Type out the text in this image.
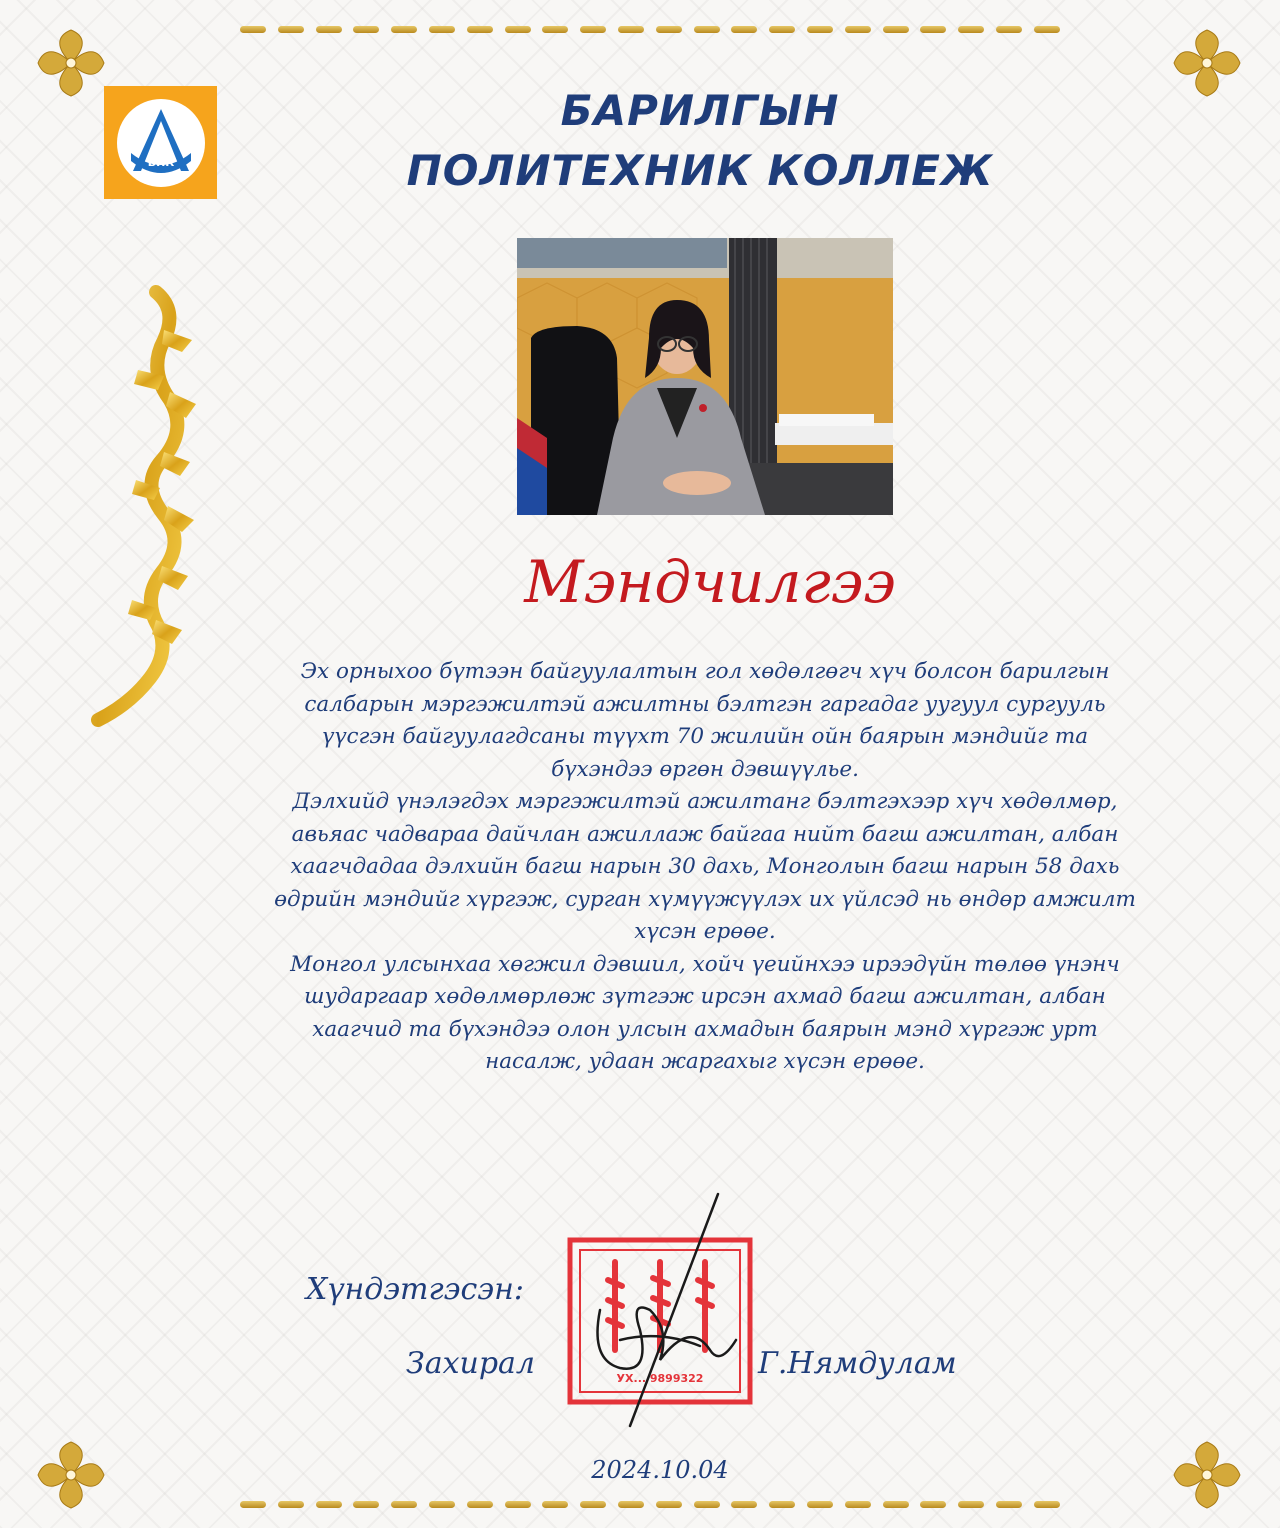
БПК
БАРИЛГЫН
ПОЛИТЕХНИК КОЛЛЕЖ
Мэндчилгээ

Эх орныхоо бүтээн байгуулалтын гол хөдөлгөгч хүч болсон барилгын салбарын мэргэжилтэй ажилтны бэлтгэн гаргадаг уугуул сургууль үүсгэн байгуулагдсаны түүхт 70 жилийн ойн баярын мэндийг та бүхэндээ өргөн дэвшүүлье.

Дэлхийд үнэлэгдэх мэргэжилтэй ажилтанг бэлтгэхээр хүч хөдөлмөр, авьяас чадвараа дайчлан ажиллаж байгаа нийт багш ажилтан, албан хаагчдадаа дэлхийн багш нарын 30 дахь, Монголын багш нарын 58 дахь өдрийн мэндийг хүргэж, сурган хүмүүжүүлэх их үйлсэд нь өндөр амжилт хүсэн ерөөе.

Монгол улсынхаа хөгжил дэвшил, хойч үеийнхээ ирээдүйн төлөө үнэнч шударгаар хөдөлмөрлөж зүтгэж ирсэн ахмад багш ажилтан, албан хаагчид та бүхэндээ олон улсын ахмадын баярын мэнд хүргэж урт насалж, удаан жаргахыг хүсэн ерөөе.

Хүндэтгэсэн:
Захирал	Г.Нямдулам
УХ... 9899322
2024.10.04
